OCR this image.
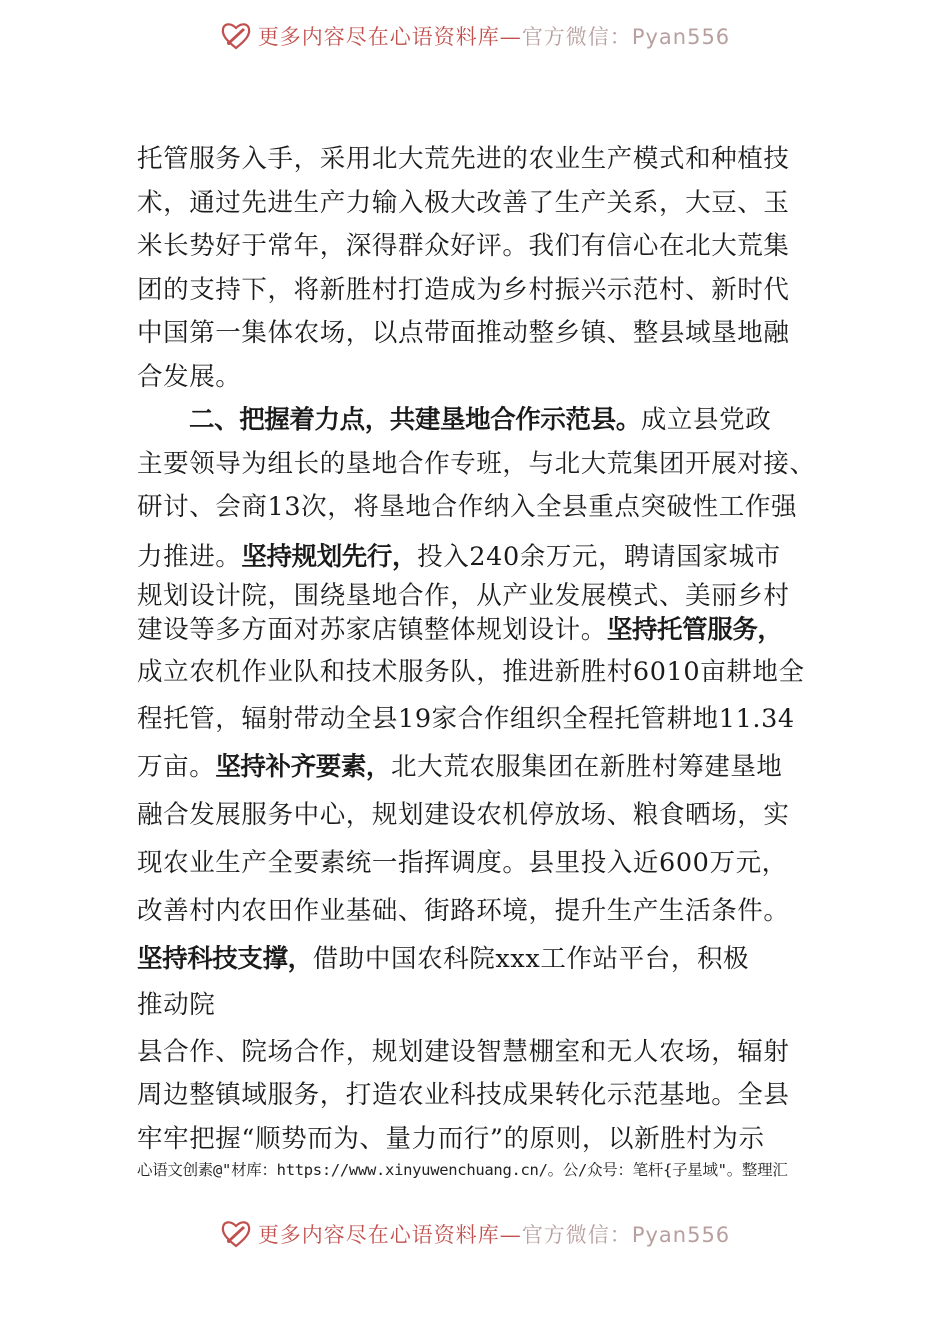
更多内容尽在心语资料库—官方微信：Pyan556

托管服务入手，采用北大荒先进的农业生产模式和种植技

术，通过先进生产力输入极大改善了生产关系，大豆、玉

米长势好于常年，深得群众好评。我们有信心在北大荒集

团的支持下，将新胜村打造成为乡村振兴示范村、新时代

中国第一集体农场，以点带面推动整乡镇、整县域垦地融

合发展。

二、把握着力点，共建垦地合作示范县。成立县党政

主要领导为组长的垦地合作专班，与北大荒集团开展对接、

研讨、会商13次，将垦地合作纳入全县重点突破性工作强

力推进。坚持规划先行，投入240余万元，聘请国家城市

规划设计院，围绕垦地合作，从产业发展模式、美丽乡村

建设等多方面对苏家店镇整体规划设计。坚持托管服务，

成立农机作业队和技术服务队，推进新胜村6010亩耕地全

程托管，辐射带动全县19家合作组织全程托管耕地11.34

万亩。坚持补齐要素，北大荒农服集团在新胜村筹建垦地

融合发展服务中心，规划建设农机停放场、粮食晒场，实

现农业生产全要素统一指挥调度。县里投入近600万元，

改善村内农田作业基础、街路环境，提升生产生活条件。

坚持科技支撑，借助中国农科院xxx工作站平台，积极

推动院

县合作、院场合作，规划建设智慧棚室和无人农场，辐射

周边整镇域服务，打造农业科技成果转化示范基地。全县

牢牢把握“顺势而为、量力而行”的原则，以新胜村为示

心语文创素@"材库：https://www.xinyuwenchuang.cn/。公/众号：笔杆{子星域"。整理汇
更多内容尽在心语资料库—官方微信：Pyan556
